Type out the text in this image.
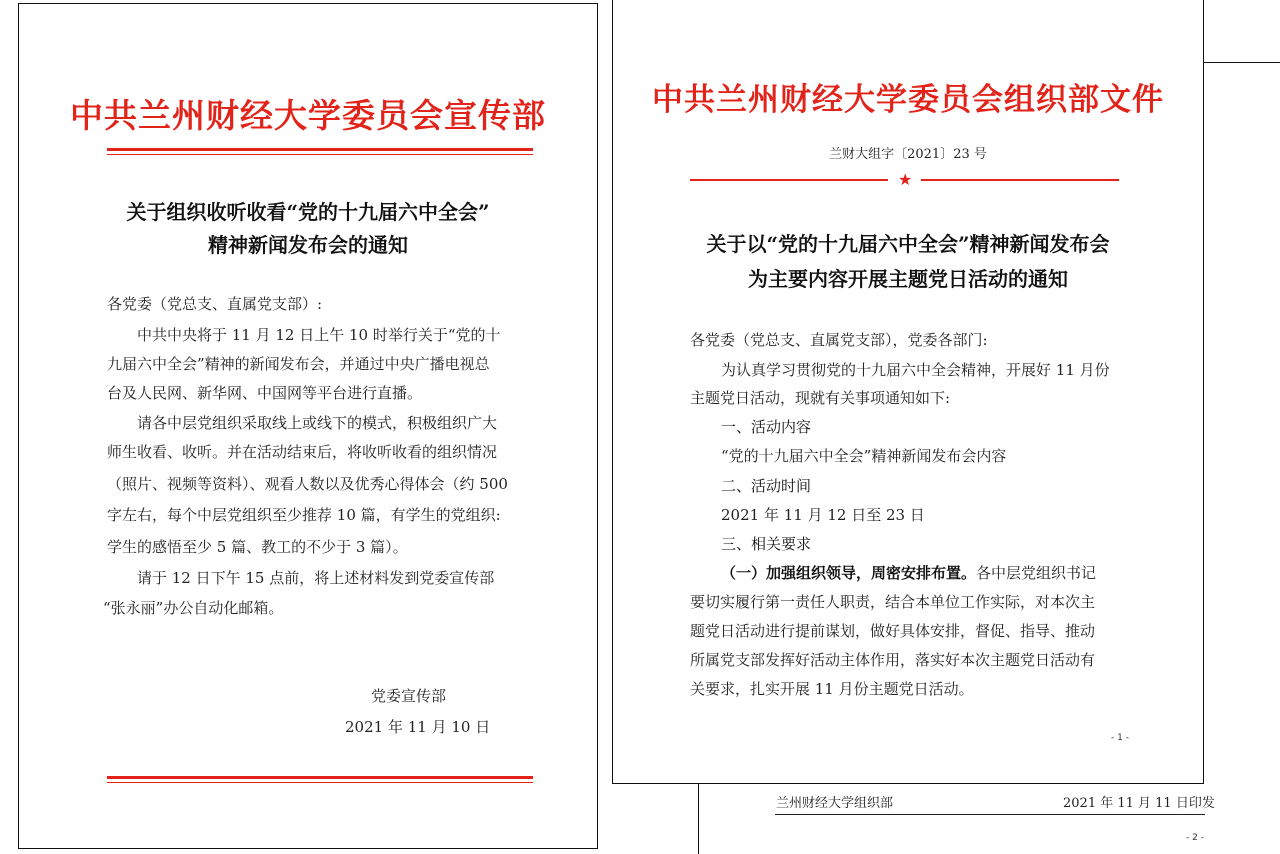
中共兰州财经大学委员会宣传部
关于组织收听收看“党的十九届六中全会”
精神新闻发布会的通知
各党委（党总支、直属党支部）:
中共中央将于 11 月 12 日上午 10 时举行关于“党的十
九届六中全会”精神的新闻发布会，并通过中央广播电视总
台及人民网、新华网、中国网等平台进行直播。
请各中层党组织采取线上或线下的模式，积极组织广大
师生收看、收听。并在活动结束后，将收听收看的组织情况
（照片、视频等资料）、观看人数以及优秀心得体会（约 500
字左右，每个中层党组织至少推荐 10 篇，有学生的党组织:
学生的感悟至少 5 篇、教工的不少于 3 篇）。
请于 12 日下午 15 点前，将上述材料发到党委宣传部
“张永丽”办公自动化邮箱。
党委宣传部
2021 年 11 月 10 日
兰州财经大学组织部	2021 年 11 月 11 日印发
- 2 -
中共兰州财经大学委员会组织部文件
兰财大组字〔2021〕23 号
★
关于以“党的十九届六中全会”精神新闻发布会
为主要内容开展主题党日活动的通知
各党委（党总支、直属党支部），党委各部门:
为认真学习贯彻党的十九届六中全会精神，开展好 11 月份
主题党日活动，现就有关事项通知如下:
一、活动内容
“党的十九届六中全会”精神新闻发布会内容
二、活动时间
2021 年 11 月 12 日至 23 日
三、相关要求
（一）加强组织领导，周密安排布置。各中层党组织书记
要切实履行第一责任人职责，结合本单位工作实际，对本次主
题党日活动进行提前谋划，做好具体安排，督促、指导、推动
所属党支部发挥好活动主体作用，落实好本次主题党日活动有
关要求，扎实开展 11 月份主题党日活动。
- 1 -
